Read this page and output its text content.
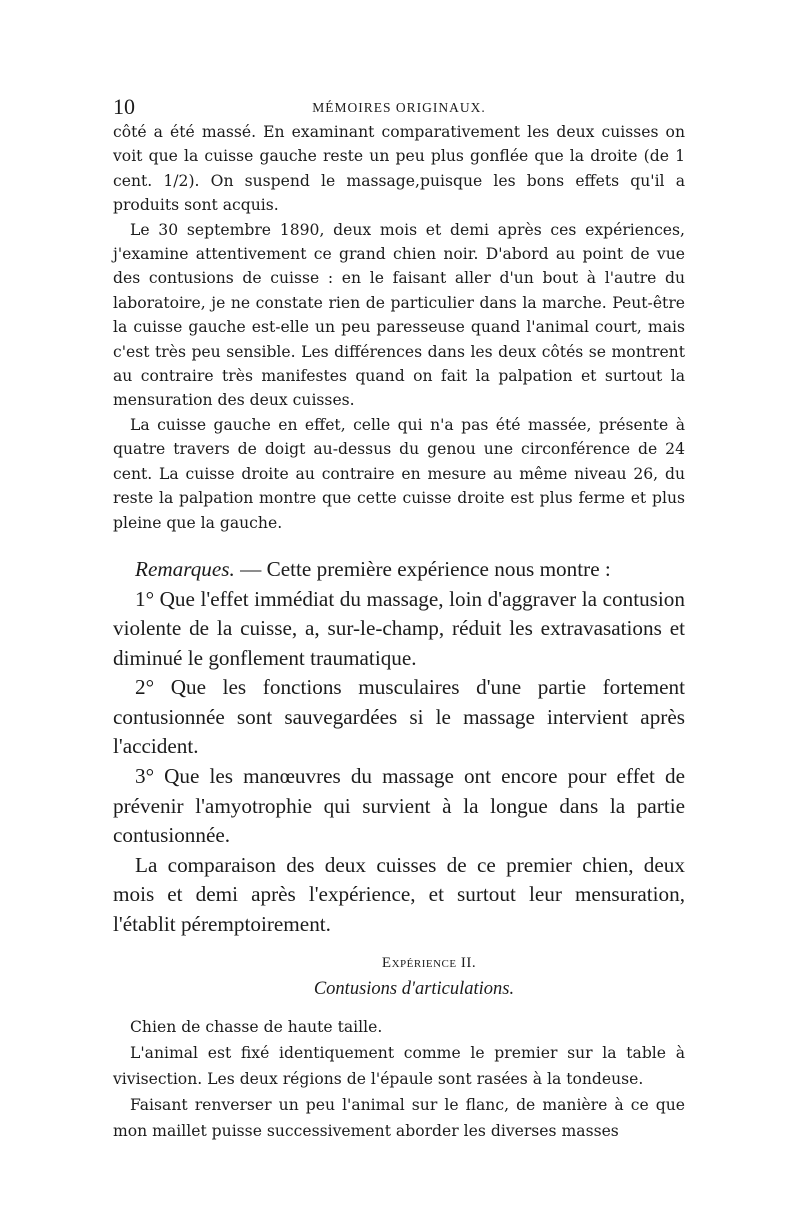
10	MÉMOIRES ORIGINAUX.

côté a été massé. En examinant comparativement les deux cuisses on voit que la cuisse gauche reste un peu plus gonflée que la droite (de 1 cent. 1/2). On suspend le massage,puisque les bons effets qu'il a produits sont acquis.

Le 30 septembre 1890, deux mois et demi après ces expériences, j'examine attentivement ce grand chien noir. D'abord au point de vue des contusions de cuisse : en le faisant aller d'un bout à l'autre du laboratoire, je ne constate rien de particulier dans la marche. Peut-être la cuisse gauche est-elle un peu paresseuse quand l'animal court, mais c'est très peu sensible. Les différences dans les deux côtés se montrent au contraire très manifestes quand on fait la palpation et surtout la mensuration des deux cuisses.

La cuisse gauche en effet, celle qui n'a pas été massée, présente à quatre travers de doigt au-dessus du genou une circonférence de 24 cent. La cuisse droite au contraire en mesure au même niveau 26, du reste la palpation montre que cette cuisse droite est plus ferme et plus pleine que la gauche.

Remarques. — Cette première expérience nous montre :

1° Que l'effet immédiat du massage, loin d'aggraver la contusion violente de la cuisse, a, sur-le-champ, réduit les extravasations et diminué le gonflement traumatique.

2° Que les fonctions musculaires d'une partie fortement contusionnée sont sauvegardées si le massage intervient après l'accident.

3° Que les manœuvres du massage ont encore pour effet de prévenir l'amyotrophie qui survient à la longue dans la partie contusionnée.

La comparaison des deux cuisses de ce premier chien, deux mois et demi après l'expérience, et surtout leur mensuration, l'établit péremptoirement.

Expérience II.
Contusions d'articulations.

Chien de chasse de haute taille.

L'animal est fixé identiquement comme le premier sur la table à vivisection. Les deux régions de l'épaule sont rasées à la tondeuse.

Faisant renverser un peu l'animal sur le flanc, de manière à ce que mon maillet puisse successivement aborder les diverses masses
